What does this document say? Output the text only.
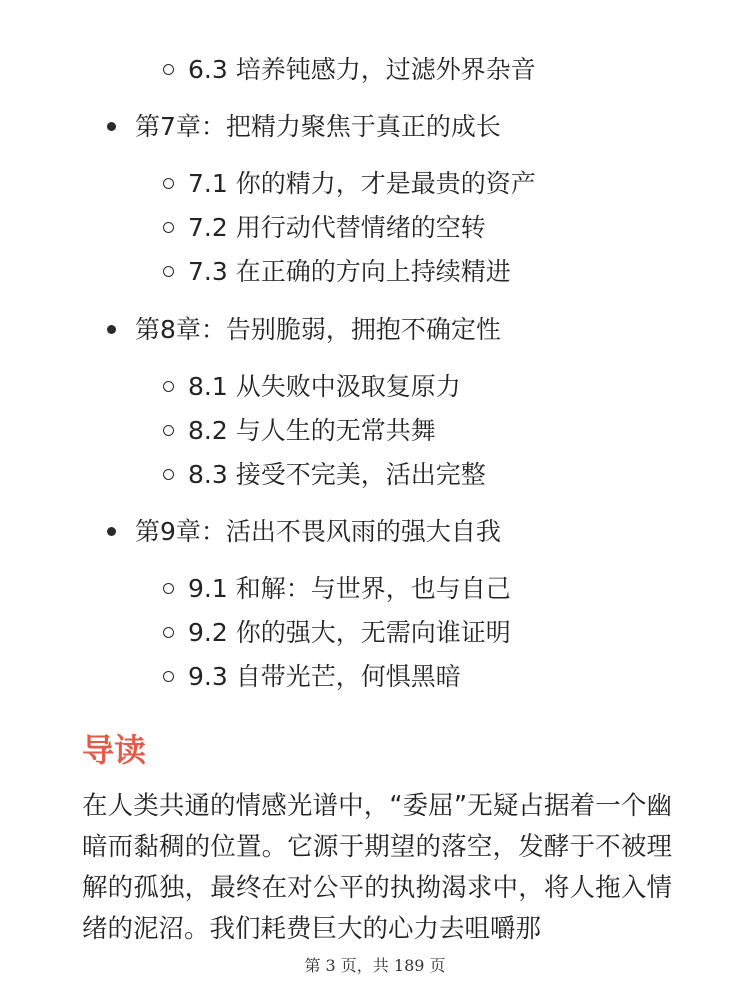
6.3 培养钝感力，过滤外界杂音
第7章：把精力聚焦于真正的成长
7.1 你的精力，才是最贵的资产
7.2 用行动代替情绪的空转
7.3 在正确的方向上持续精进
第8章：告别脆弱，拥抱不确定性
8.1 从失败中汲取复原力
8.2 与人生的无常共舞
8.3 接受不完美，活出完整
第9章：活出不畏风雨的强大自我
9.1 和解：与世界，也与自己
9.2 你的强大，无需向谁证明
9.3 自带光芒，何惧黑暗
导读
在人类共通的情感光谱中，“委屈”无疑占据着一个幽暗而黏稠的位置。它源于期望的落空，发酵于不被理解的孤独，最终在对公平的执拗渴求中，将人拖入情绪的泥沼。我们耗费巨大的心力去咀嚼那
第 3 页，共 189 页
